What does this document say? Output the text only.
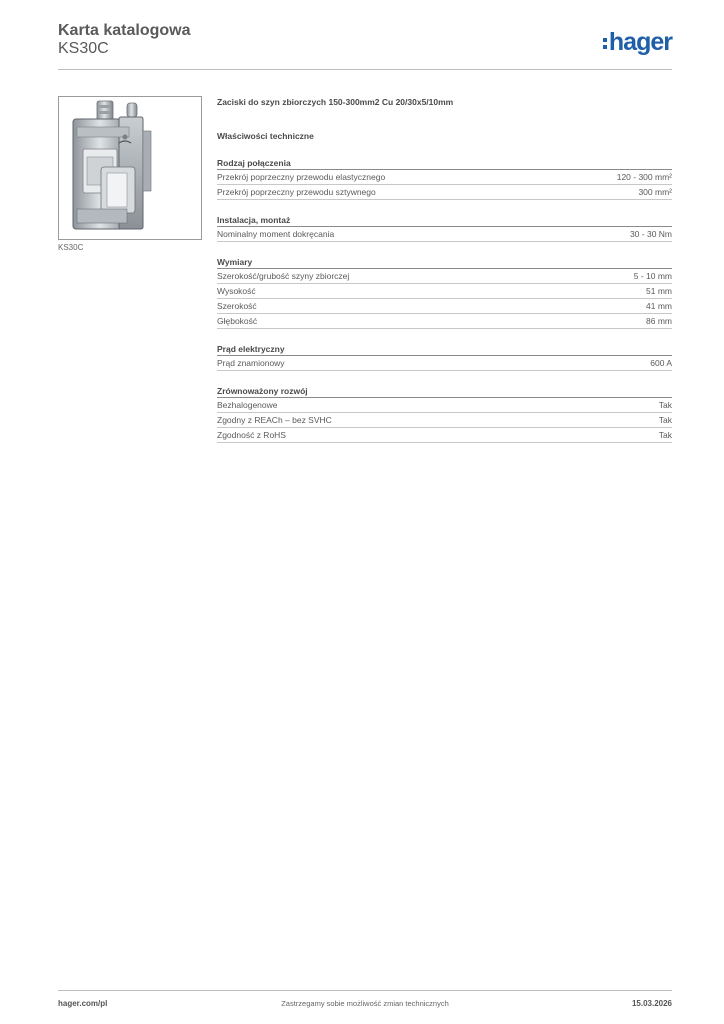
Karta katalogowa
KS30C	hager
KS30C
Zaciski do szyn zbiorczych 150-300mm2 Cu 20/30x5/10mm
Właściwości techniczne
Rodzaj połączenia
Przekrój poprzeczny przewodu elastycznego	120 - 300 mm²
Przekrój poprzeczny przewodu sztywnego	300 mm²
Instalacja, montaż
Nominalny moment dokręcania	30 - 30 Nm
Wymiary
Szerokość/grubość szyny zbiorczej	5 - 10 mm
Wysokość	51 mm
Szerokość	41 mm
Głębokość	86 mm
Prąd elektryczny
Prąd znamionowy	600 A
Zrównoważony rozwój
Bezhalogenowe	Tak
Zgodny z REACh – bez SVHC	Tak
Zgodność z RoHS	Tak
hager.com/pl	Zastrzegamy sobie możliwość zmian technicznych	15.03.2026
